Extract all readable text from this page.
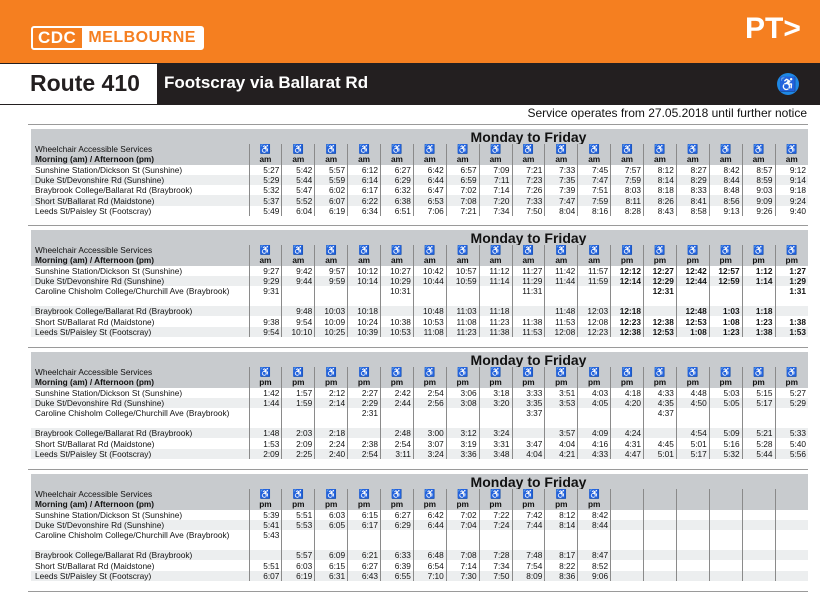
CDC MELBOURNE	PT>
Route 410 Footscray via Ballarat Rd	♿
Service operates from 27.05.2018 until further notice
	Monday to Friday																
Wheelchair Accessible Services	♿	♿	♿	♿	♿	♿	♿	♿	♿	♿	♿	♿	♿	♿	♿	♿	♿
Morning (am) / Afternoon (pm)	am	am	am	am	am	am	am	am	am	am	am	am	am	am	am	am	am
Sunshine Station/Dickson St (Sunshine)	5:27	5:42	5:57	6:12	6:27	6:42	6:57	7:09	7:21	7:33	7:45	7:57	8:12	8:27	8:42	8:57	9:12
Duke St/Devonshire Rd (Sunshine)	5:29	5:44	5:59	6:14	6:29	6:44	6:59	7:11	7:23	7:35	7:47	7:59	8:14	8:29	8:44	8:59	9:14
Braybrook College/Ballarat Rd (Braybrook)	5:32	5:47	6:02	6:17	6:32	6:47	7:02	7:14	7:26	7:39	7:51	8:03	8:18	8:33	8:48	9:03	9:18
Short St/Ballarat Rd (Maidstone)	5:37	5:52	6:07	6:22	6:38	6:53	7:08	7:20	7:33	7:47	7:59	8:11	8:26	8:41	8:56	9:09	9:24
Leeds St/Paisley St (Footscray)	5:49	6:04	6:19	6:34	6:51	7:06	7:21	7:34	7:50	8:04	8:16	8:28	8:43	8:58	9:13	9:26	9:40
	Monday to Friday																
Wheelchair Accessible Services	♿	♿	♿	♿	♿	♿	♿	♿	♿	♿	♿	♿	♿	♿	♿	♿	♿
Morning (am) / Afternoon (pm)	am	am	am	am	am	am	am	am	am	am	am	pm	pm	pm	pm	pm	pm
Sunshine Station/Dickson St (Sunshine)	9:27	9:42	9:57	10:12	10:27	10:42	10:57	11:12	11:27	11:42	11:57	12:12	12:27	12:42	12:57	1:12	1:27
Duke St/Devonshire Rd (Sunshine)	9:29	9:44	9:59	10:14	10:29	10:44	10:59	11:14	11:29	11:44	11:59	12:14	12:29	12:44	12:59	1:14	1:29
Caroline Chisholm College/Churchill Ave (Braybrook)	9:31				10:31				11:31				12:31				1:31
Braybrook College/Ballarat Rd (Braybrook)		9:48	10:03	10:18		10:48	11:03	11:18		11:48	12:03	12:18		12:48	1:03	1:18	
Short St/Ballarat Rd (Maidstone)	9:38	9:54	10:09	10:24	10:38	10:53	11:08	11:23	11:38	11:53	12:08	12:23	12:38	12:53	1:08	1:23	1:38
Leeds St/Paisley St (Footscray)	9:54	10:10	10:25	10:39	10:53	11:08	11:23	11:38	11:53	12:08	12:23	12:38	12:53	1:08	1:23	1:38	1:53
	Monday to Friday																
Wheelchair Accessible Services	♿	♿	♿	♿	♿	♿	♿	♿	♿	♿	♿	♿	♿	♿	♿	♿	♿
Morning (am) / Afternoon (pm)	pm	pm	pm	pm	pm	pm	pm	pm	pm	pm	pm	pm	pm	pm	pm	pm	pm
Sunshine Station/Dickson St (Sunshine)	1:42	1:57	2:12	2:27	2:42	2:54	3:06	3:18	3:33	3:51	4:03	4:18	4:33	4:48	5:03	5:15	5:27
Duke St/Devonshire Rd (Sunshine)	1:44	1:59	2:14	2:29	2:44	2:56	3:08	3:20	3:35	3:53	4:05	4:20	4:35	4:50	5:05	5:17	5:29
Caroline Chisholm College/Churchill Ave (Braybrook)				2:31					3:37				4:37				
Braybrook College/Ballarat Rd (Braybrook)	1:48	2:03	2:18		2:48	3:00	3:12	3:24		3:57	4:09	4:24		4:54	5:09	5:21	5:33
Short St/Ballarat Rd (Maidstone)	1:53	2:09	2:24	2:38	2:54	3:07	3:19	3:31	3:47	4:04	4:16	4:31	4:45	5:01	5:16	5:28	5:40
Leeds St/Paisley St (Footscray)	2:09	2:25	2:40	2:54	3:11	3:24	3:36	3:48	4:04	4:21	4:33	4:47	5:01	5:17	5:32	5:44	5:56
	Monday to Friday																
Wheelchair Accessible Services	♿	♿	♿	♿	♿	♿	♿	♿	♿	♿	♿						
Morning (am) / Afternoon (pm)	pm	pm	pm	pm	pm	pm	pm	pm	pm	pm	pm						
Sunshine Station/Dickson St (Sunshine)	5:39	5:51	6:03	6:15	6:27	6:42	7:02	7:22	7:42	8:12	8:42						
Duke St/Devonshire Rd (Sunshine)	5:41	5:53	6:05	6:17	6:29	6:44	7:04	7:24	7:44	8:14	8:44						
Caroline Chisholm College/Churchill Ave (Braybrook)	5:43																
Braybrook College/Ballarat Rd (Braybrook)		5:57	6:09	6:21	6:33	6:48	7:08	7:28	7:48	8:17	8:47						
Short St/Ballarat Rd (Maidstone)	5:51	6:03	6:15	6:27	6:39	6:54	7:14	7:34	7:54	8:22	8:52						
Leeds St/Paisley St (Footscray)	6:07	6:19	6:31	6:43	6:55	7:10	7:30	7:50	8:09	8:36	9:06						
